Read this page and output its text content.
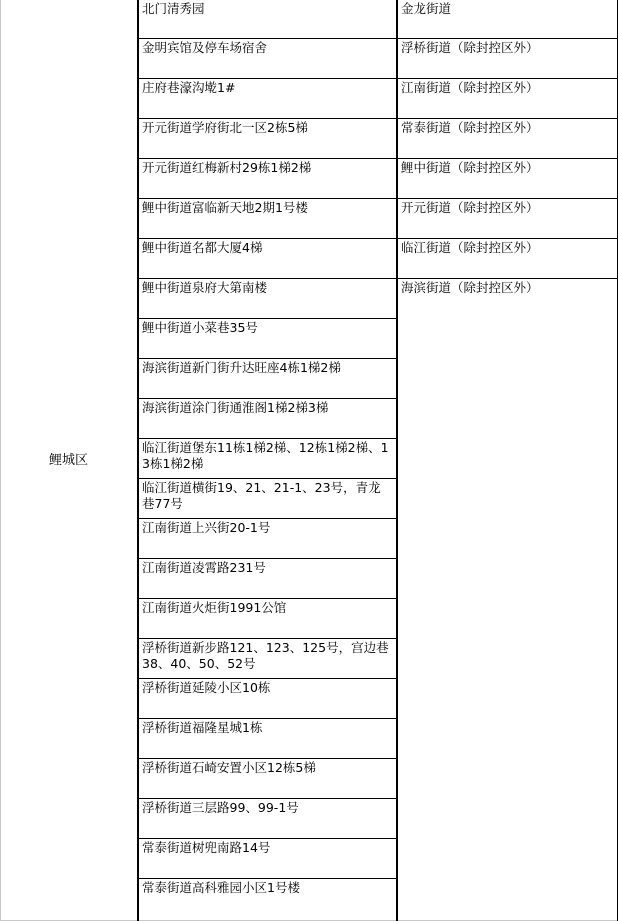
鲤城区	北门清秀园	金龙街道
	金明宾馆及停车场宿舍	浮桥街道（除封控区外）
	庄府巷濠沟墘1#	江南街道（除封控区外）
	开元街道学府街北一区2栋5梯	常泰街道（除封控区外）
	开元街道红梅新村29栋1梯2梯	鲤中街道（除封控区外）
	鲤中街道富临新天地2期1号楼	开元街道（除封控区外）
	鲤中街道名都大厦4梯	临江街道（除封控区外）
	鲤中街道泉府大第南楼	海滨街道（除封控区外）
	鲤中街道小菜巷35号	
	海滨街道新门街升达旺座4栋1梯2梯	
	海滨街道涂门街通淮阁1梯2梯3梯	
	临江街道堡东11栋1梯2梯、12栋1梯2梯、13栋1梯2梯	
	临江街道横街19、21、21-1、23号，青龙巷77号	
	江南街道上兴街20-1号	
	江南街道凌霄路231号	
	江南街道火炬街1991公馆	
	浮桥街道新步路121、123、125号，宫边巷38、40、50、52号	
	浮桥街道延陵小区10栋	
	浮桥街道福隆星城1栋	
	浮桥街道石崎安置小区12栋5梯	
	浮桥街道三层路99、99-1号	
	常泰街道树兜南路14号	
	常泰街道高科雅园小区1号楼	
